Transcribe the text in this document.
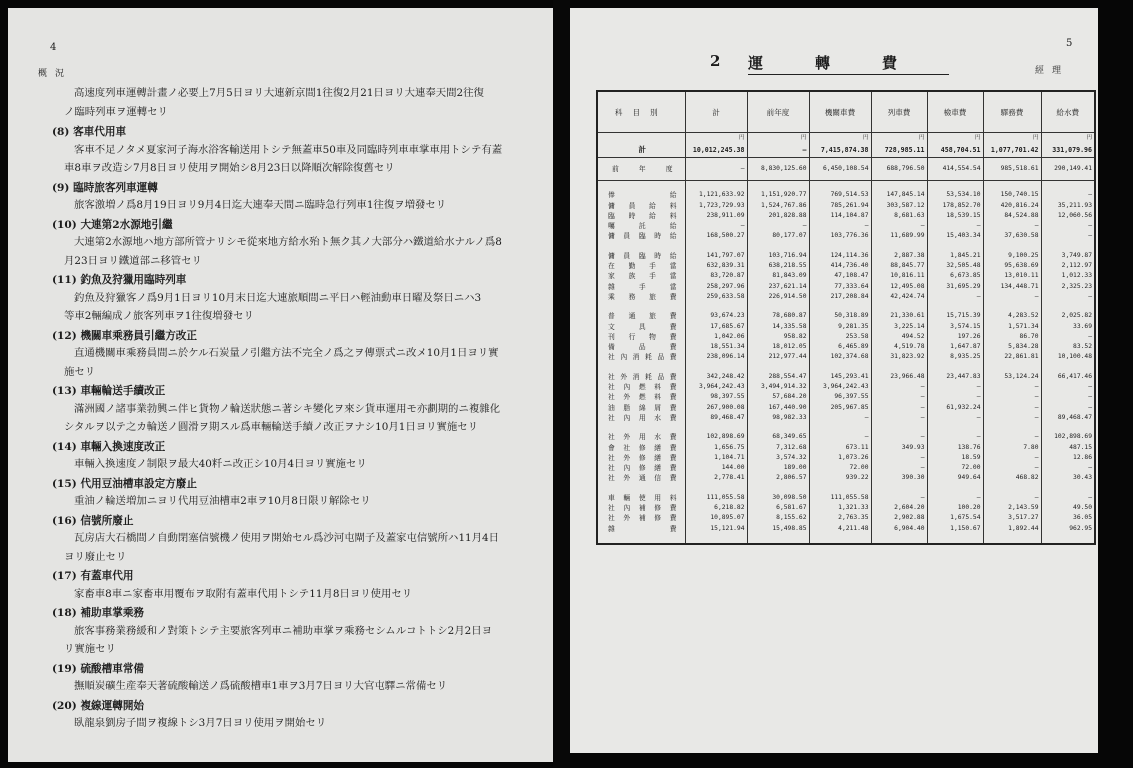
4
概況
高速度列車運轉計畫ノ必要上7月5日ヨリ大連新京間1往復2月21日ヨリ大連奉天間2往復
ノ臨時列車ヲ運轉セリ
(8) 客車代用車
客車不足ノタメ夏家河子海水浴客輸送用トシテ無蓋車50車及同臨時列車車掌車用トシテ有蓋
車8車ヲ改造シ7月8日ヨリ使用ヲ開始シ8月23日以降順次解除復舊セリ
(9) 臨時旅客列車運轉
旅客激増ノ爲8月19日ヨリ9月4日迄大連奉天間ニ臨時急行列車1往復ヲ増發セリ
(10) 大連第2水源地引繼
大連第2水源地ハ地方部所管ナリシモ從來地方給水殆ト無ク其ノ大部分ハ鐵道給水ナルノ爲8
月23日ヨリ鐵道部ニ移管セリ
(11) 釣魚及狩獵用臨時列車
釣魚及狩獵客ノ爲9月1日ヨリ10月末日迄大連旅順間ニ平日ハ輕油動車日曜及祭日ニハ3
等車2輛編成ノ旅客列車ヲ1往復増發セリ
(12) 機關車乘務員引繼方改正
直通機關車乘務員間ニ於ケル石炭量ノ引繼方法不完全ノ爲之ヲ傳票式ニ改メ10月1日ヨリ實
施セリ
(13) 車輛輪送手續改正
滿洲國ノ諸事業勃興ニ伴ヒ貨物ノ輪送狀態ニ著シキ變化ヲ來シ貨車運用モ亦劃期的ニ複雜化
シタルヲ以テ之カ輪送ノ圓滑ヲ期スル爲車輛輪送手續ノ改正ヲナシ10月1日ヨリ實施セリ
(14) 車輛入換速度改正
車輛入換速度ノ制限ヲ最大40粁ニ改正シ10月4日ヨリ實施セリ
(15) 代用豆油槽車設定方廢止
重油ノ輪送増加ニヨリ代用豆油槽車2車ヲ10月8日限リ解除セリ
(16) 信號所廢止
瓦房店大石橋間ノ自動閉塞信號機ノ使用ヲ開始セル爲沙河屯閘子及蓋家屯信號所ハ11月4日
ヨリ廢止セリ
(17) 有蓋車代用
家畜車8車ニ家畜車用覆布ヲ取附有蓋車代用トシテ11月8日ヨリ使用セリ
(18) 補助車掌乘務
旅客事務業務緩和ノ對策トシテ主要旅客列車ニ補助車掌ヲ乘務セシムルコトトシ2月2日ヨ
リ實施セリ
(19) 硫酸槽車常備
撫順炭礦生産奉天著硫酸輸送ノ爲硫酸槽車1車ヲ3月7日ヨリ大官屯驛ニ常備セリ
(20) 複線運轉開始
臥龍泉劉房子間ヲ複線トシ3月7日ヨリ使用ヲ開始セリ
5
經理
2 運轉費
科目別	計	前年度	機關車費	列車費	檢車費	驛務費	給水費
	円	円	円	円	円	円	円
計	10,012,245.38	—	7,415,874.38	728,985.11	458,704.51	1,077,701.42	331,079.96
前年度	—	8,830,125.60	6,450,108.54	688,796.50	414,554.54	985,518.61	290,149.41

俸給	1,121,633.92	1,151,920.77	769,514.53	147,845.14	53,534.10	150,740.15	—
傭員給料	1,723,729.93	1,524,767.86	785,261.94	303,587.12	178,852.70	420,816.24	35,211.93
臨時給料	238,911.09	201,828.88	114,104.87	8,681.63	18,539.15	84,524.88	12,060.56
囑託給	—	—	—	—	—	—	—
傭員臨時給	168,500.27	80,177.07	103,776.36	11,689.99	15,403.34	37,630.58	—

傭員臨時給	141,797.07	103,716.94	124,114.36	2,887.38	1,845.21	9,100.25	3,749.87
在勤手當	632,839.31	638,218.55	414,736.40	88,845.77	32,505.48	95,638.69	2,112.97
家族手當	83,720.87	81,843.09	47,108.47	10,816.11	6,673.85	13,010.11	1,012.33
雜手當	258,297.96	237,621.14	77,333.64	12,495.08	31,695.29	134,448.71	2,325.23
乘務旅費	259,633.58	226,914.50	217,208.84	42,424.74	—	—	—

普通旅費	93,674.23	78,680.87	50,318.89	21,330.61	15,715.39	4,283.52	2,025.82
文具費	17,685.67	14,335.58	9,281.35	3,225.14	3,574.15	1,571.34	33.69
刊行物費	1,042.06	958.82	253.58	494.52	197.26	86.70	—
備品費	18,551.34	18,012.05	6,465.89	4,519.78	1,647.87	5,834.28	83.52
社內消耗品費	238,096.14	212,977.44	102,374.68	31,823.92	8,935.25	22,861.81	10,100.48

社外消耗品費	342,248.42	288,554.47	145,293.41	23,966.48	23,447.83	53,124.24	66,417.46
社內燃料費	3,964,242.43	3,494,914.32	3,964,242.43	—	—	—	—
社外燃料費	98,397.55	57,684.20	96,397.55	—	—	—	—
油脂綿屑費	267,900.08	167,440.90	205,967.85	—	61,932.24	—	—
社內用水費	89,468.47	98,982.33	—	—	—	—	89,468.47

社外用水費	102,898.69	68,349.65	—	—	—	—	102,898.69
會社修繕費	1,656.75	7,312.68	673.11	349.93	138.76	7.80	487.15
社外修繕費	1,104.71	3,574.32	1,073.26	—	18.59	—	12.86
社內修繕費	144.00	189.00	72.00	—	72.00	—	—
社外通信費	2,778.41	2,806.57	939.22	390.30	949.64	468.82	30.43

車輛使用料	111,055.58	30,098.50	111,055.58	—	—	—	—
社內補修費	6,218.82	6,581.67	1,321.33	2,604.20	100.20	2,143.59	49.50
社外補修費	10,895.07	8,155.62	2,763.35	2,902.88	1,675.54	3,517.27	36.05
雜費	15,121.94	15,498.85	4,211.48	6,904.40	1,150.67	1,892.44	962.95
